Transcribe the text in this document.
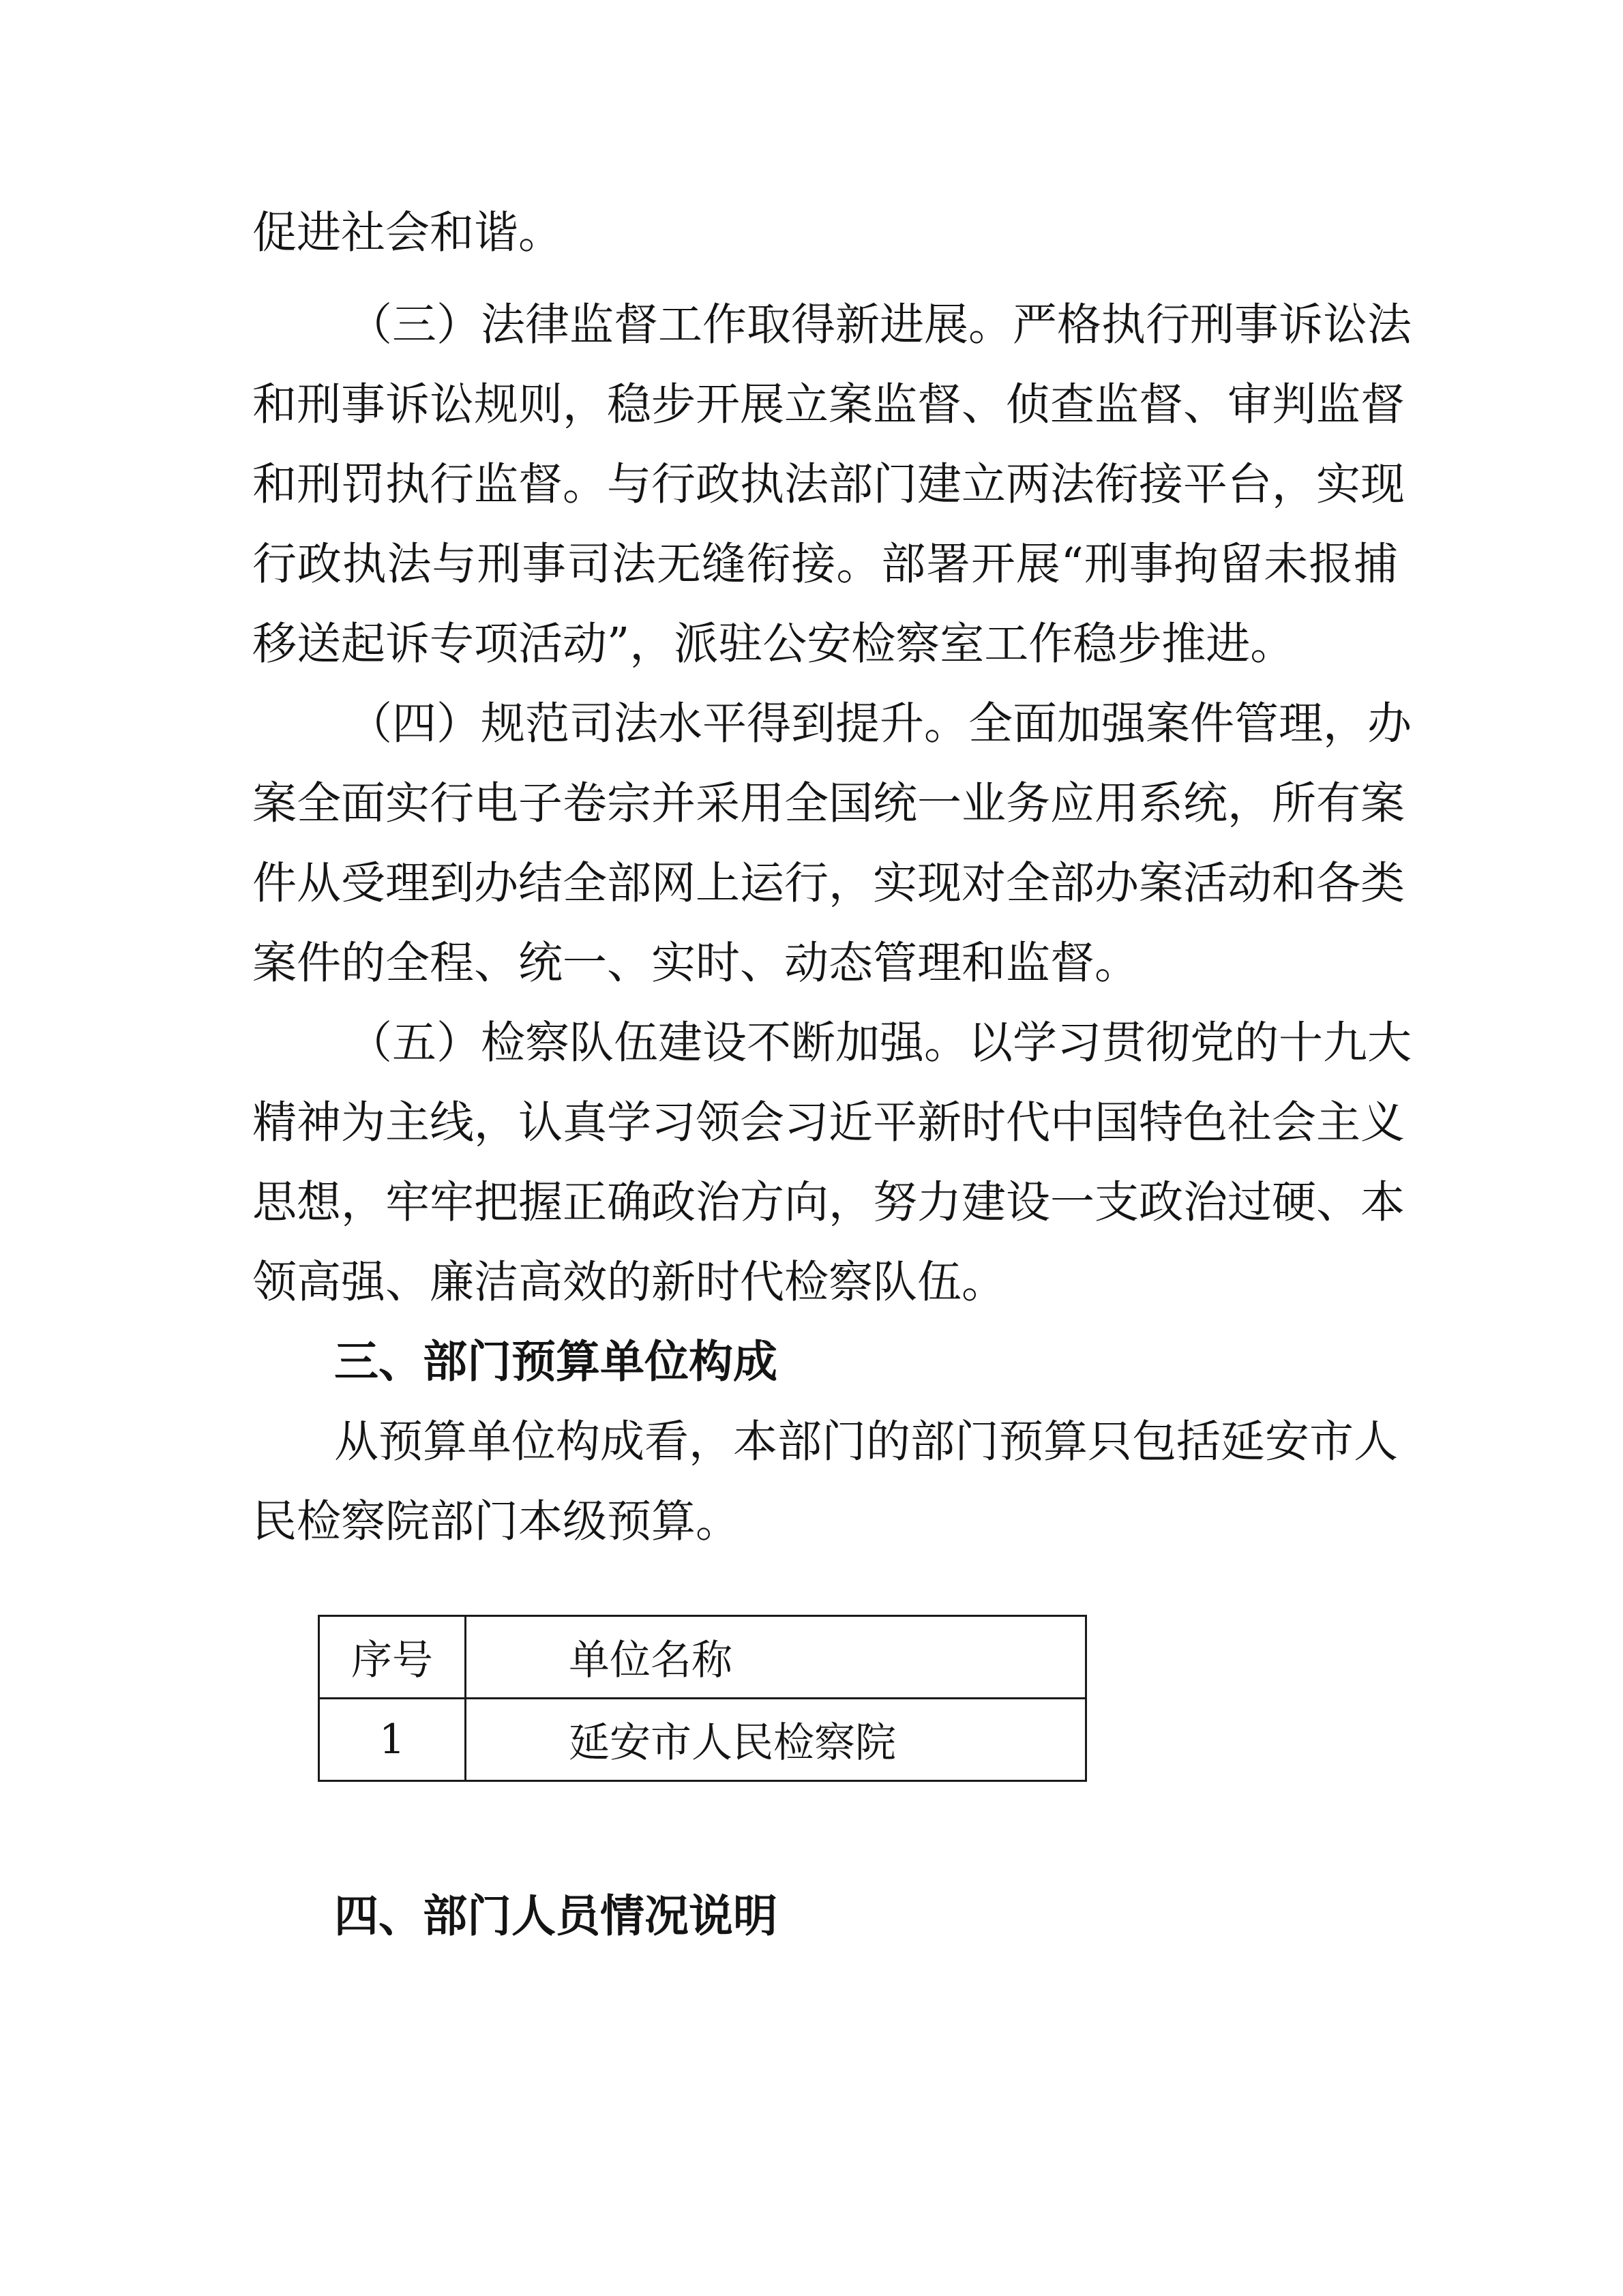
促进社会和谐。
（三）法律监督工作取得新进展。严格执行刑事诉讼法
和刑事诉讼规则，稳步开展立案监督、侦查监督、审判监督
和刑罚执行监督。与行政执法部门建立两法衔接平台，实现
行政执法与刑事司法无缝衔接。部署开展“刑事拘留未报捕
移送起诉专项活动”，派驻公安检察室工作稳步推进。
（四）规范司法水平得到提升。全面加强案件管理，办
案全面实行电子卷宗并采用全国统一业务应用系统，所有案
件从受理到办结全部网上运行，实现对全部办案活动和各类
案件的全程、统一、实时、动态管理和监督。
（五）检察队伍建设不断加强。以学习贯彻党的十九大
精神为主线，认真学习领会习近平新时代中国特色社会主义
思想，牢牢把握正确政治方向，努力建设一支政治过硬、本
领高强、廉洁高效的新时代检察队伍。
三、部门预算单位构成
从预算单位构成看，本部门的部门预算只包括延安市人
民检察院部门本级预算。
序号	单位名称
1	延安市人民检察院
四、部门人员情况说明
